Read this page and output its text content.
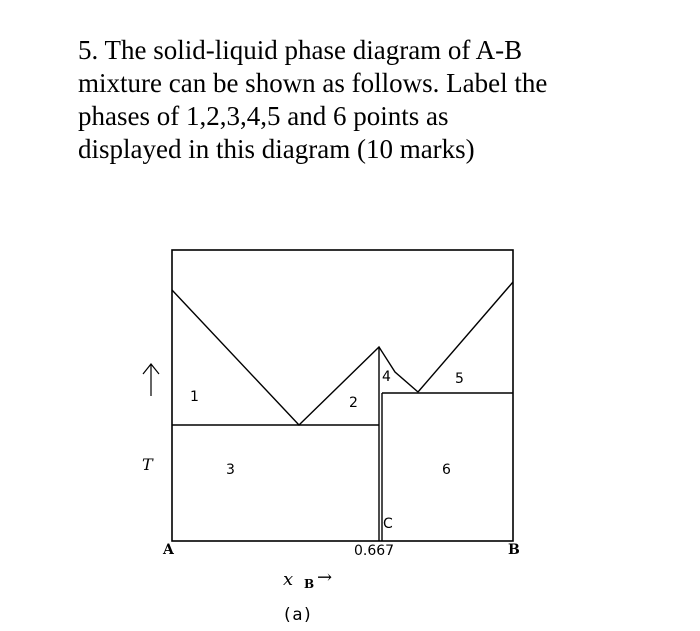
5. The solid-liquid phase diagram of A-B
mixture can be shown as follows. Label the
phases of 1,2,3,4,5 and 6 points as
displayed in this diagram (10 marks)
1	2
3
4	5
6
C
0.667
A	B
T
x B →
(a)
